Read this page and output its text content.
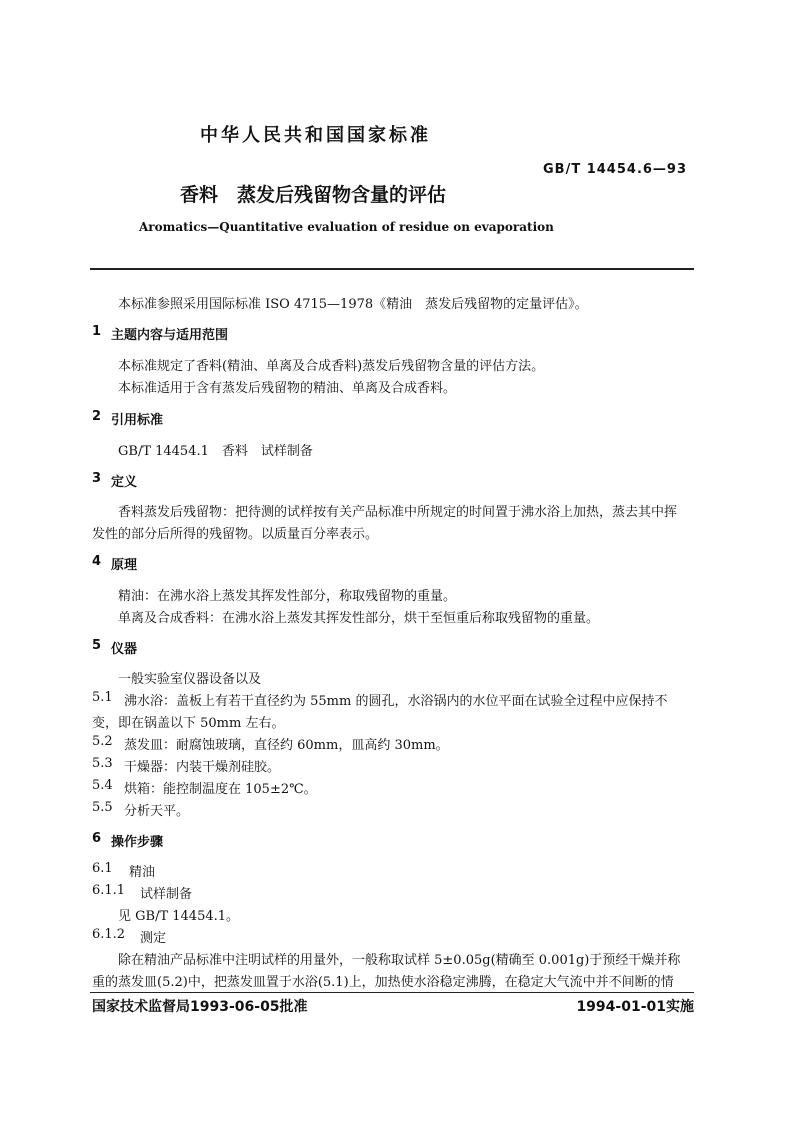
中华人民共和国国家标准
GB/T 14454.6—93
香料　蒸发后残留物含量的评估
Aromatics—Quantitative evaluation of residue on evaporation
本标准参照采用国际标准 ISO 4715—1978《精油　蒸发后残留物的定量评估》。
1 主题内容与适用范围
本标准规定了香料(精油、单离及合成香料)蒸发后残留物含量的评估方法。
本标准适用于含有蒸发后残留物的精油、单离及合成香料。
2 引用标准
GB/T 14454.1　香料　试样制备
3 定义
香料蒸发后残留物：把待测的试样按有关产品标准中所规定的时间置于沸水浴上加热，蒸去其中挥
发性的部分后所得的残留物。以质量百分率表示。
4 原理
精油：在沸水浴上蒸发其挥发性部分，称取残留物的重量。
单离及合成香料：在沸水浴上蒸发其挥发性部分，烘干至恒重后称取残留物的重量。
5 仪器
一般实验室仪器设备以及
5.1 沸水浴：盖板上有若干直径约为 55mm 的圆孔，水浴锅内的水位平面在试验全过程中应保持不
变，即在锅盖以下 50mm 左右。
5.2 蒸发皿：耐腐蚀玻璃，直径约 60mm，皿高约 30mm。
5.3 干燥器：内装干燥剂硅胶。
5.4 烘箱：能控制温度在 105±2℃。
5.5 分析天平。
6 操作步骤
6.1 精油
6.1.1 试样制备
见 GB/T 14454.1。
6.1.2 测定
除在精油产品标准中注明试样的用量外，一般称取试样 5±0.05g(精确至 0.001g)于预经干燥并称
重的蒸发皿(5.2)中，把蒸发皿置于水浴(5.1)上，加热使水浴稳定沸腾，在稳定大气流中并不间断的情
国家技术监督局1993-06-05批准	1994-01-01实施
